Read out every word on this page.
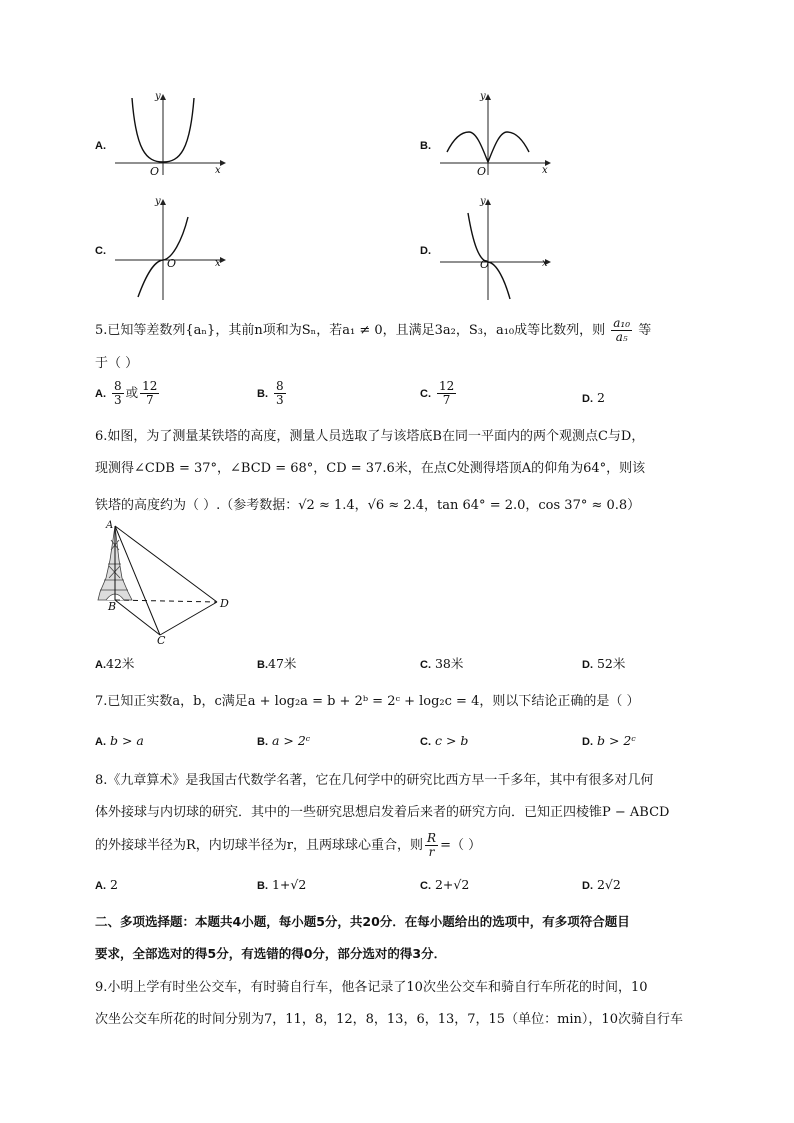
A.
y
x
O
B.
y
x
O
C.
y
x
O
D.
y
x
O
5.已知等差数列{aₙ}，其前n项和为Sₙ，若a₁ ≠ 0，且满足3a₂，S₃，a₁₀成等比数列，则 $\frac{\text{a₁₀}}{\text{a₅}}$ 等
于（ ）
A. $\frac{8}{3}$ 或 $\frac{12}{7}$	B. $\frac{8}{3}$	C. $\frac{12}{7}$	D. 2
6.如图，为了测量某铁塔的高度，测量人员选取了与该塔底B在同一平面内的两个观测点C与D，
现测得∠CDB = 37°，∠BCD = 68°，CD = 37.6米，在点C处测得塔顶A的仰角为64°，则该
铁塔的高度约为（ ）.（参考数据：√2 ≈ 1.4，√6 ≈ 2.4，tan 64° = 2.0，cos 37° ≈ 0.8）
A
B
C
D
A.42米	B.47米	C. 38米	D. 52米
7.已知正实数a，b，c满足a + log₂a = b + 2ᵇ = 2ᶜ + log₂c = 4，则以下结论正确的是（ ）
A. b > a	B. a > 2ᶜ	C. c > b	D. b > 2ᶜ
8.《九章算术》是我国古代数学名著，它在几何学中的研究比西方早一千多年，其中有很多对几何
体外接球与内切球的研究．其中的一些研究思想启发着后来者的研究方向．已知正四棱锥P − ABCD
的外接球半径为R，内切球半径为r，且两球球心重合，则 $\frac{R}{r}$ =（ ）
A. 2	B. 1+√2	C. 2+√2	D. 2√2
二、多项选择题：本题共4小题，每小题5分，共20分．在每小题给出的选项中，有多项符合题目
要求，全部选对的得5分，有选错的得0分，部分选对的得3分．
9.小明上学有时坐公交车，有时骑自行车，他各记录了10次坐公交车和骑自行车所花的时间，10
次坐公交车所花的时间分别为7，11，8，12，8，13，6，13，7，15（单位：min），10次骑自行车
